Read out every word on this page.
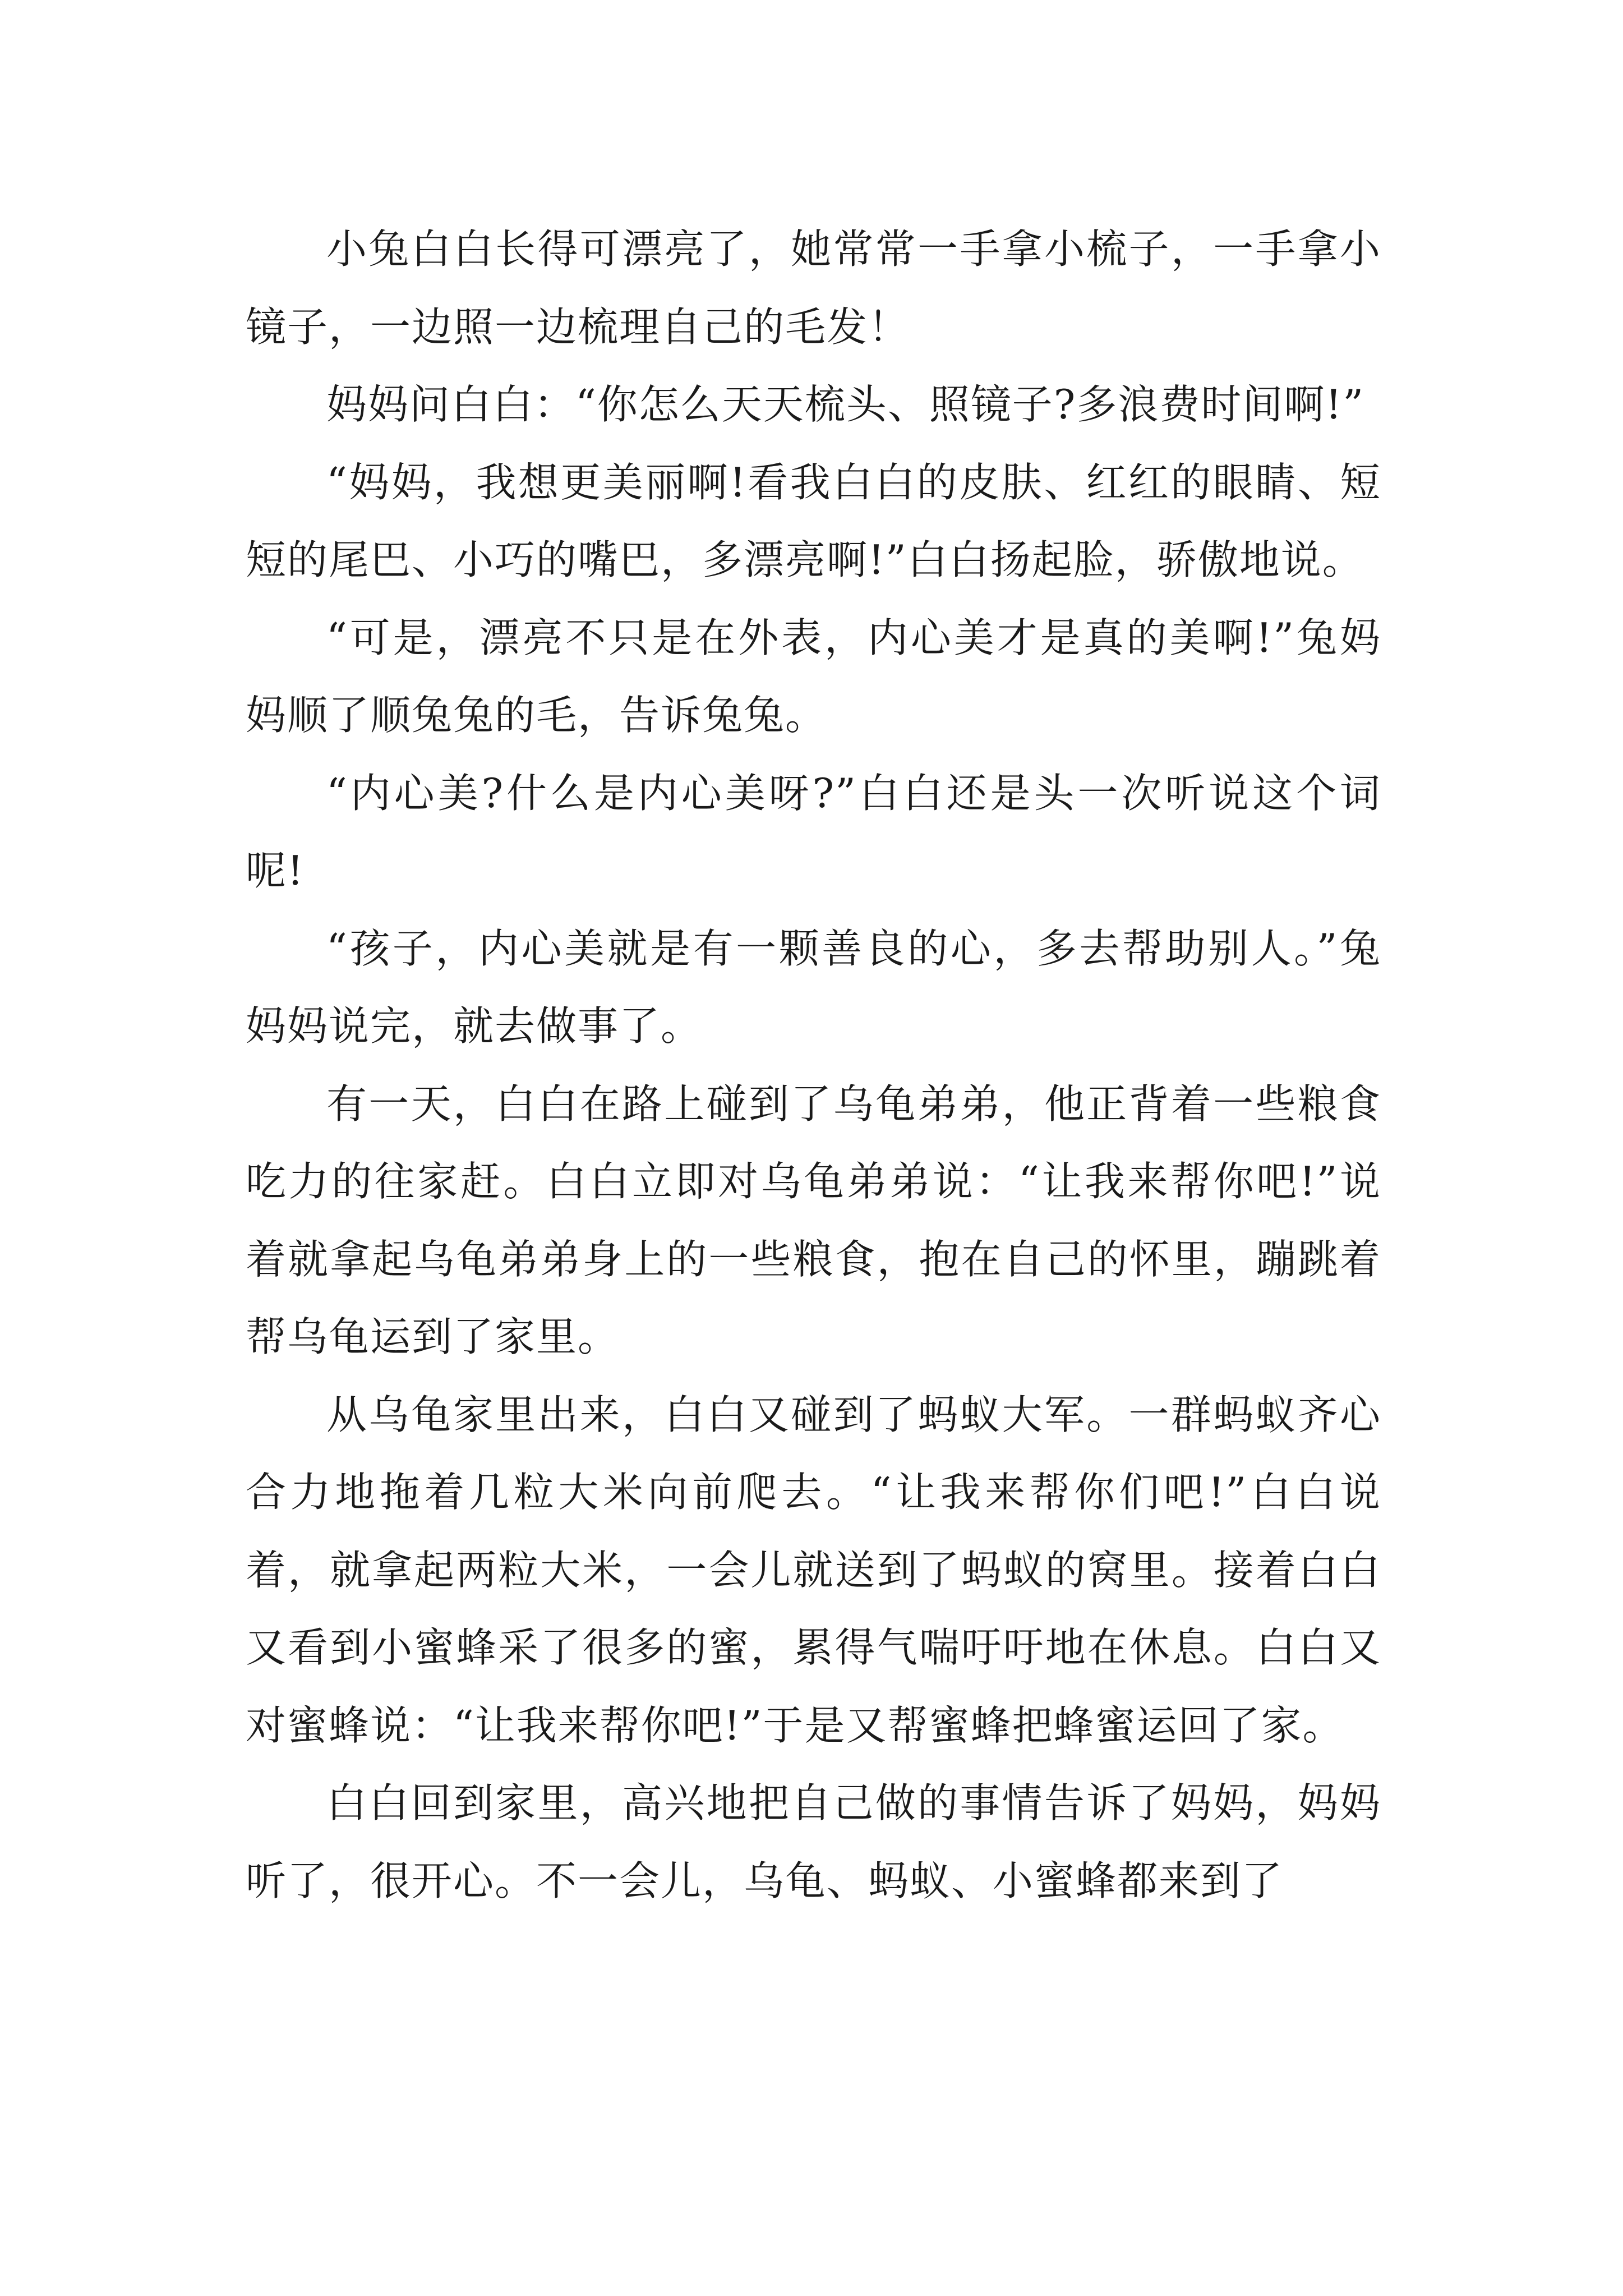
小兔白白长得可漂亮了，她常常一手拿小梳子，一手拿小镜子，一边照一边梳理自己的毛发！

妈妈问白白：“你怎么天天梳头、照镜子?多浪费时间啊!”

“妈妈，我想更美丽啊!看我白白的皮肤、红红的眼睛、短短的尾巴、小巧的嘴巴，多漂亮啊!”白白扬起脸，骄傲地说。

“可是，漂亮不只是在外表，内心美才是真的美啊!”兔妈妈顺了顺兔兔的毛，告诉兔兔。

“内心美?什么是内心美呀?”白白还是头一次听说这个词呢!

“孩子，内心美就是有一颗善良的心，多去帮助别人。”兔妈妈说完，就去做事了。

有一天，白白在路上碰到了乌龟弟弟，他正背着一些粮食吃力的往家赶。白白立即对乌龟弟弟说：“让我来帮你吧!”说着就拿起乌龟弟弟身上的一些粮食，抱在自己的怀里，蹦跳着帮乌龟运到了家里。

从乌龟家里出来，白白又碰到了蚂蚁大军。一群蚂蚁齐心合力地拖着几粒大米向前爬去。“让我来帮你们吧!”白白说着，就拿起两粒大米，一会儿就送到了蚂蚁的窝里。接着白白又看到小蜜蜂采了很多的蜜，累得气喘吁吁地在休息。白白又对蜜蜂说：“让我来帮你吧!”于是又帮蜜蜂把蜂蜜运回了家。

白白回到家里，高兴地把自己做的事情告诉了妈妈，妈妈听了，很开心。不一会儿，乌龟、蚂蚁、小蜜蜂都来到了
